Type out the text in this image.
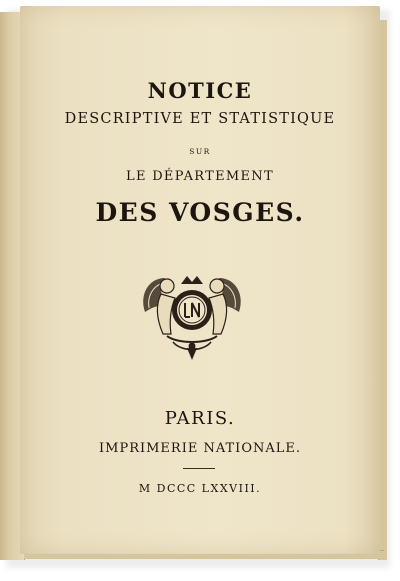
NOTICE
DESCRIPTIVE ET STATISTIQUE
SUR
LE DÉPARTEMENT
DES VOSGES.
PARIS.
IMPRIMERIE NATIONALE.
M DCCC LXXVIII.
